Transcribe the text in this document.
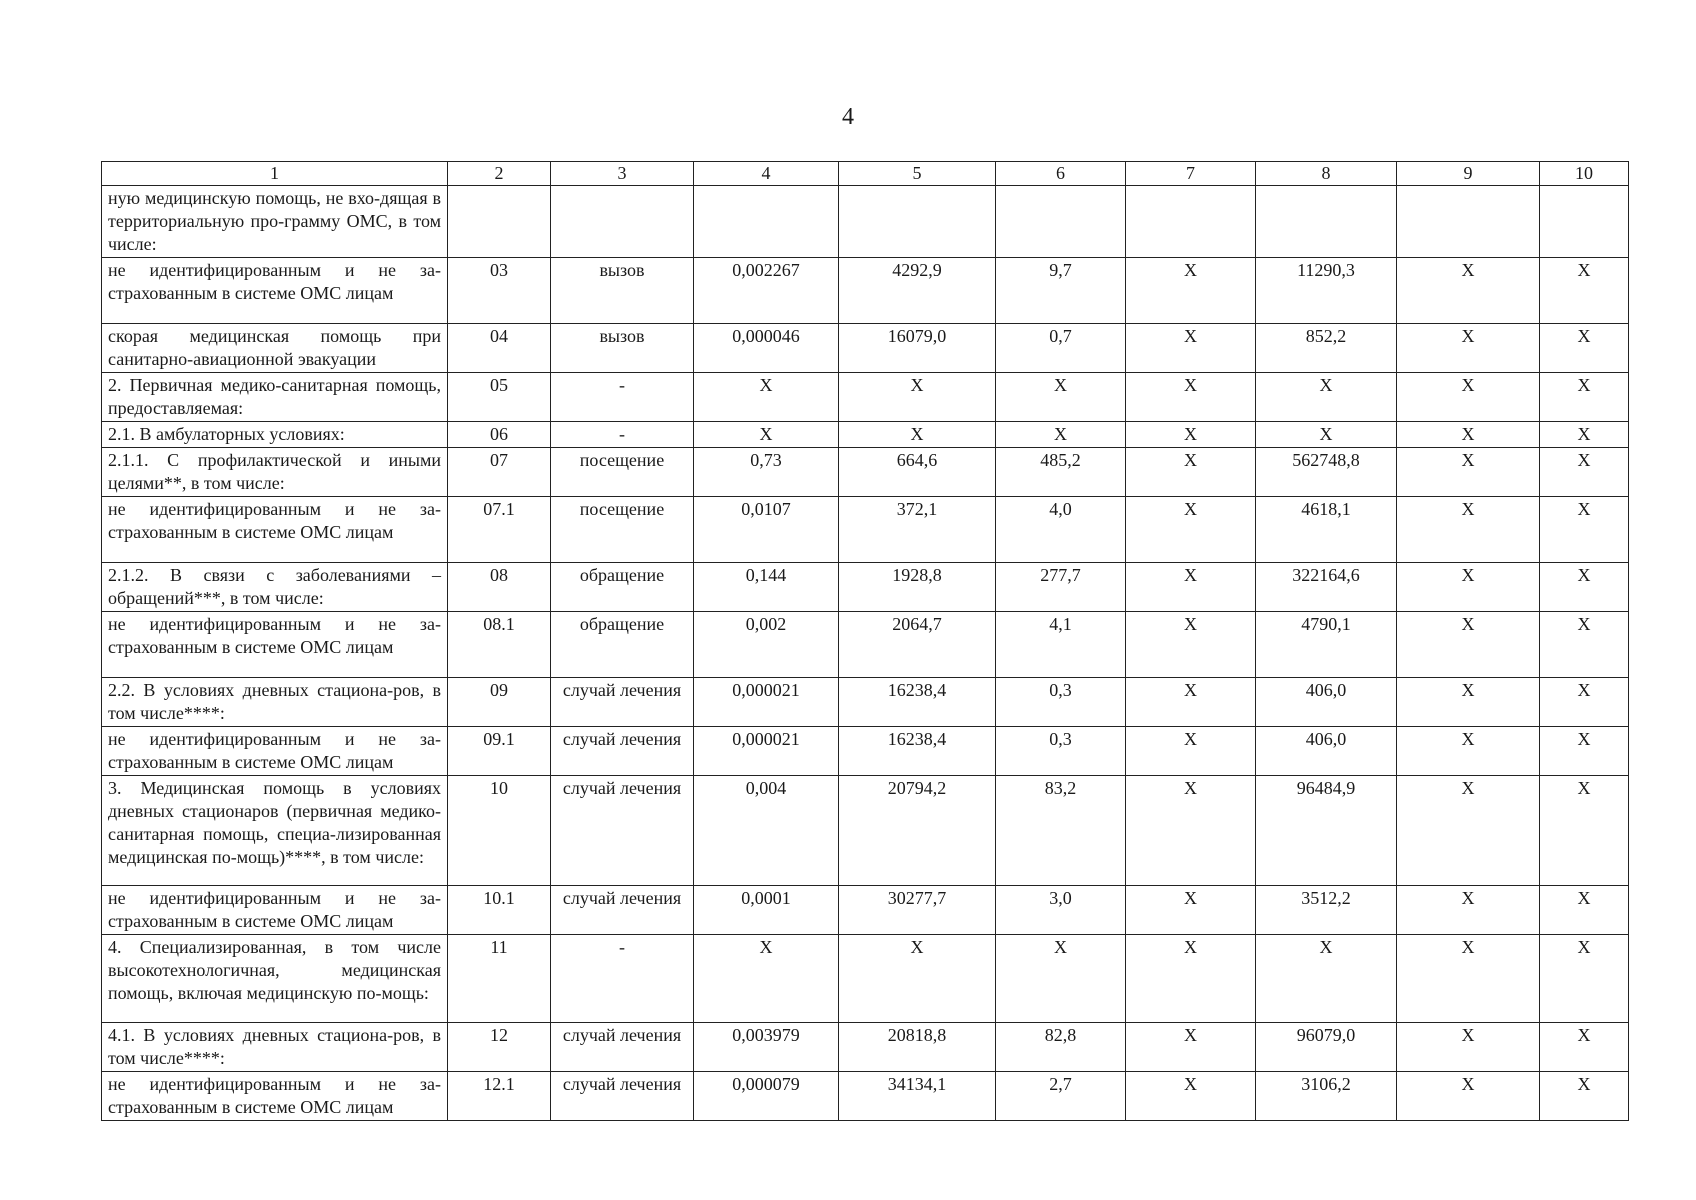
4
1	2	3	4	5	6	7	8	9	10
ную медицинскую помощь, не вхо-дящая в территориальную про-грамму ОМС, в том числе:									
не идентифицированным и не за-страхованным в системе ОМС лицам	03	вызов	0,002267	4292,9	9,7	Х	11290,3	Х	Х
скорая медицинская помощь при санитарно-авиационной эвакуации	04	вызов	0,000046	16079,0	0,7	Х	852,2	Х	Х
2. Первичная медико-санитарная помощь, предоставляемая:	05	-	Х	Х	Х	Х	Х	Х	Х
2.1. В амбулаторных условиях:	06	-	Х	Х	Х	Х	Х	Х	Х
2.1.1. С профилактической и иными целями**, в том числе:	07	посещение	0,73	664,6	485,2	Х	562748,8	Х	Х
не идентифицированным и не за-страхованным в системе ОМС лицам	07.1	посещение	0,0107	372,1	4,0	Х	4618,1	Х	Х
2.1.2. В связи с заболеваниями – обращений***, в том числе:	08	обращение	0,144	1928,8	277,7	Х	322164,6	Х	Х
не идентифицированным и не за-страхованным в системе ОМС лицам	08.1	обращение	0,002	2064,7	4,1	Х	4790,1	Х	Х
2.2. В условиях дневных стациона-ров, в том числе****:	09	случай лечения	0,000021	16238,4	0,3	Х	406,0	Х	Х
не идентифицированным и не за-страхованным в системе ОМС лицам	09.1	случай лечения	0,000021	16238,4	0,3	Х	406,0	Х	Х
3. Медицинская помощь в условиях дневных стационаров (первичная медико-санитарная помощь, специа-лизированная медицинская по-мощь)****, в том числе:	10	случай лечения	0,004	20794,2	83,2	Х	96484,9	Х	Х
не идентифицированным и не за-страхованным в системе ОМС лицам	10.1	случай лечения	0,0001	30277,7	3,0	Х	3512,2	Х	Х
4. Специализированная, в том числе высокотехнологичная, медицинская помощь, включая медицинскую по-мощь:	11	-	Х	Х	Х	Х	Х	Х	Х
4.1. В условиях дневных стациона-ров, в том числе****:	12	случай лечения	0,003979	20818,8	82,8	Х	96079,0	Х	Х
не идентифицированным и не за-страхованным в системе ОМС лицам	12.1	случай лечения	0,000079	34134,1	2,7	Х	3106,2	Х	Х
